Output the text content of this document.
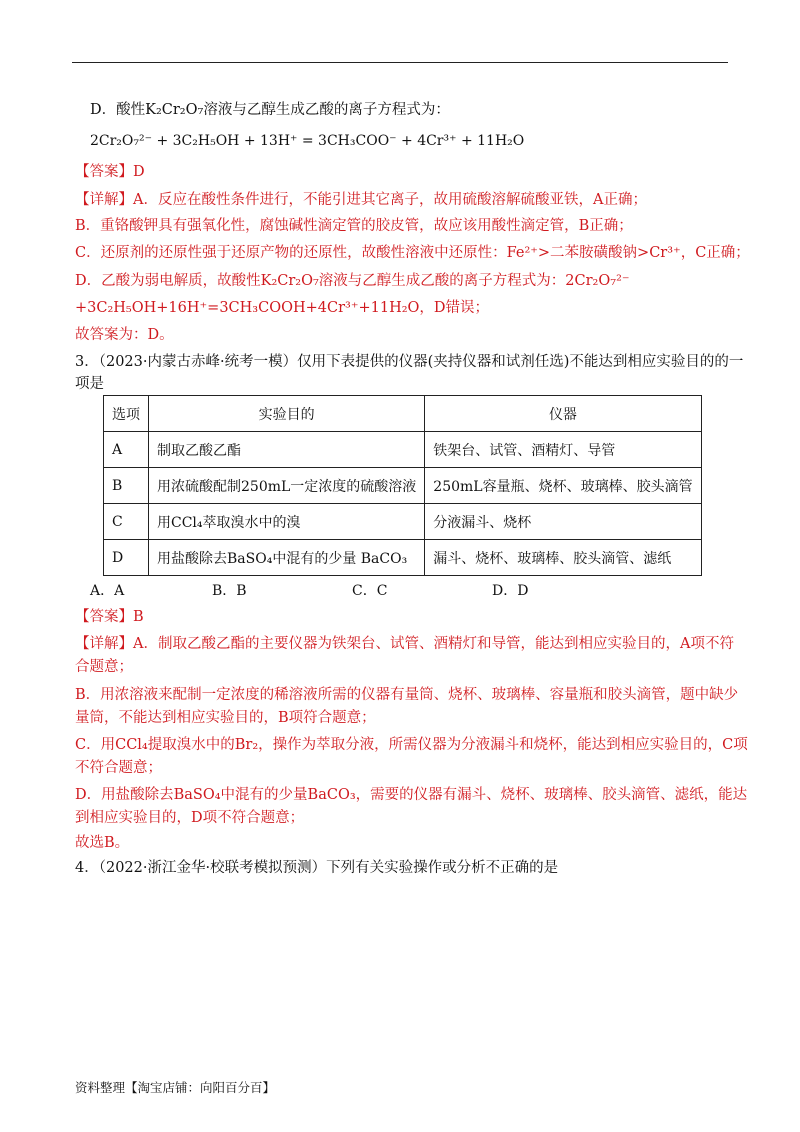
D．酸性K₂Cr₂O₇溶液与乙醇生成乙酸的离子方程式为：
2Cr₂O₇²⁻ + 3C₂H₅OH + 13H⁺ = 3CH₃COO⁻ + 4Cr³⁺ + 11H₂O
【答案】D
【详解】A．反应在酸性条件进行，不能引进其它离子，故用硫酸溶解硫酸亚铁，A正确；
B．重铬酸钾具有强氧化性，腐蚀碱性滴定管的胶皮管，故应该用酸性滴定管，B正确；
C．还原剂的还原性强于还原产物的还原性，故酸性溶液中还原性：Fe²⁺>二苯胺磺酸钠>Cr³⁺，C正确；
D．乙酸为弱电解质，故酸性K₂Cr₂O₇溶液与乙醇生成乙酸的离子方程式为：2Cr₂O₇²⁻
+3C₂H₅OH+16H⁺=3CH₃COOH+4Cr³⁺+11H₂O，D错误；
故答案为：D。
3．（2023·内蒙古赤峰·统考一模）仅用下表提供的仪器(夹持仪器和试剂任选)不能达到相应实验目的的一
项是
选项	实验目的	仪器
A	制取乙酸乙酯	铁架台、试管、酒精灯、导管
B	用浓硫酸配制250mL一定浓度的硫酸溶液	250mL容量瓶、烧杯、玻璃棒、胶头滴管
C	用CCl₄萃取溴水中的溴	分液漏斗、烧杯
D	用盐酸除去BaSO₄中混有的少量 BaCO₃	漏斗、烧杯、玻璃棒、胶头滴管、滤纸
A．A	B．B	C．C	D．D
【答案】B
【详解】A．制取乙酸乙酯的主要仪器为铁架台、试管、酒精灯和导管，能达到相应实验目的，A项不符
合题意；
B．用浓溶液来配制一定浓度的稀溶液所需的仪器有量筒、烧杯、玻璃棒、容量瓶和胶头滴管，题中缺少
量筒，不能达到相应实验目的，B项符合题意；
C．用CCl₄提取溴水中的Br₂，操作为萃取分液，所需仪器为分液漏斗和烧杯，能达到相应实验目的，C项
不符合题意；
D．用盐酸除去BaSO₄中混有的少量BaCO₃，需要的仪器有漏斗、烧杯、玻璃棒、胶头滴管、滤纸，能达
到相应实验目的，D项不符合题意；
故选B。
4．（2022·浙江金华·校联考模拟预测）下列有关实验操作或分析不正确的是
资料整理【淘宝店铺：向阳百分百】
